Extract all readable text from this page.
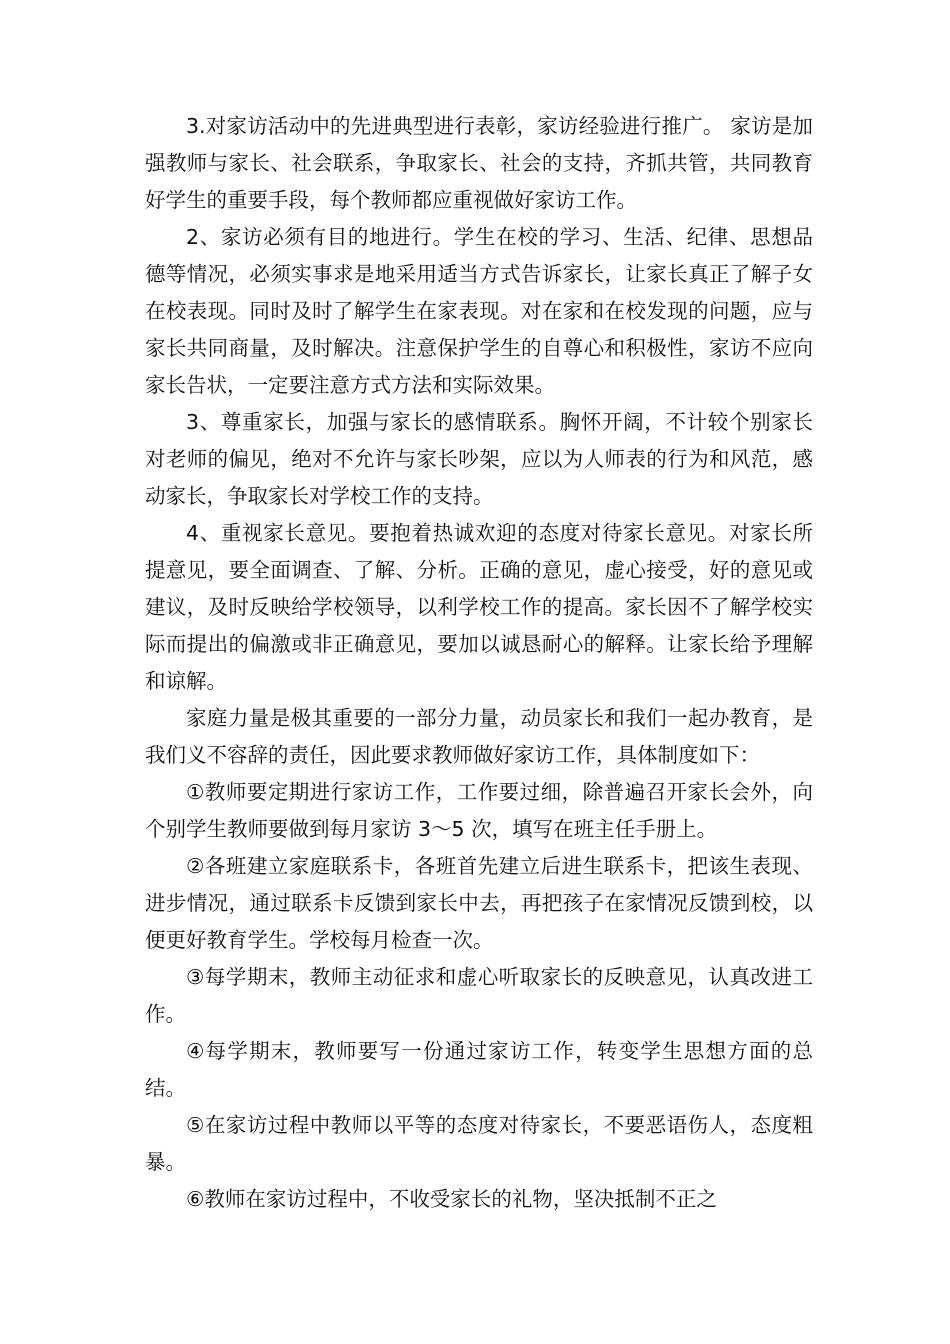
3.对家访活动中的先进典型进行表彰，家访经验进行推广。 家访是加强教师与家长、社会联系，争取家长、社会的支持，齐抓共管，共同教育好学生的重要手段，每个教师都应重视做好家访工作。

2、家访必须有目的地进行。学生在校的学习、生活、纪律、思想品德等情况，必须实事求是地采用适当方式告诉家长，让家长真正了解子女在校表现。同时及时了解学生在家表现。对在家和在校发现的问题，应与家长共同商量，及时解决。注意保护学生的自尊心和积极性，家访不应向家长告状，一定要注意方式方法和实际效果。

3、尊重家长，加强与家长的感情联系。胸怀开阔，不计较个别家长对老师的偏见，绝对不允许与家长吵架，应以为人师表的行为和风范，感动家长，争取家长对学校工作的支持。

4、重视家长意见。要抱着热诚欢迎的态度对待家长意见。对家长所提意见，要全面调查、了解、分析。正确的意见，虚心接受，好的意见或建议，及时反映给学校领导，以利学校工作的提高。家长因不了解学校实际而提出的偏激或非正确意见，要加以诚恳耐心的解释。让家长给予理解和谅解。

家庭力量是极其重要的一部分力量，动员家长和我们一起办教育，是我们义不容辞的责任，因此要求教师做好家访工作，具体制度如下：

①教师要定期进行家访工作，工作要过细，除普遍召开家长会外，向个别学生教师要做到每月家访 3～5 次，填写在班主任手册上。

②各班建立家庭联系卡，各班首先建立后进生联系卡，把该生表现、进步情况，通过联系卡反馈到家长中去，再把孩子在家情况反馈到校，以便更好教育学生。学校每月检查一次。

③每学期末，教师主动征求和虚心听取家长的反映意见，认真改进工作。

④每学期末，教师要写一份通过家访工作，转变学生思想方面的总结。

⑤在家访过程中教师以平等的态度对待家长，不要恶语伤人，态度粗暴。

⑥教师在家访过程中，不收受家长的礼物，坚决抵制不正之
